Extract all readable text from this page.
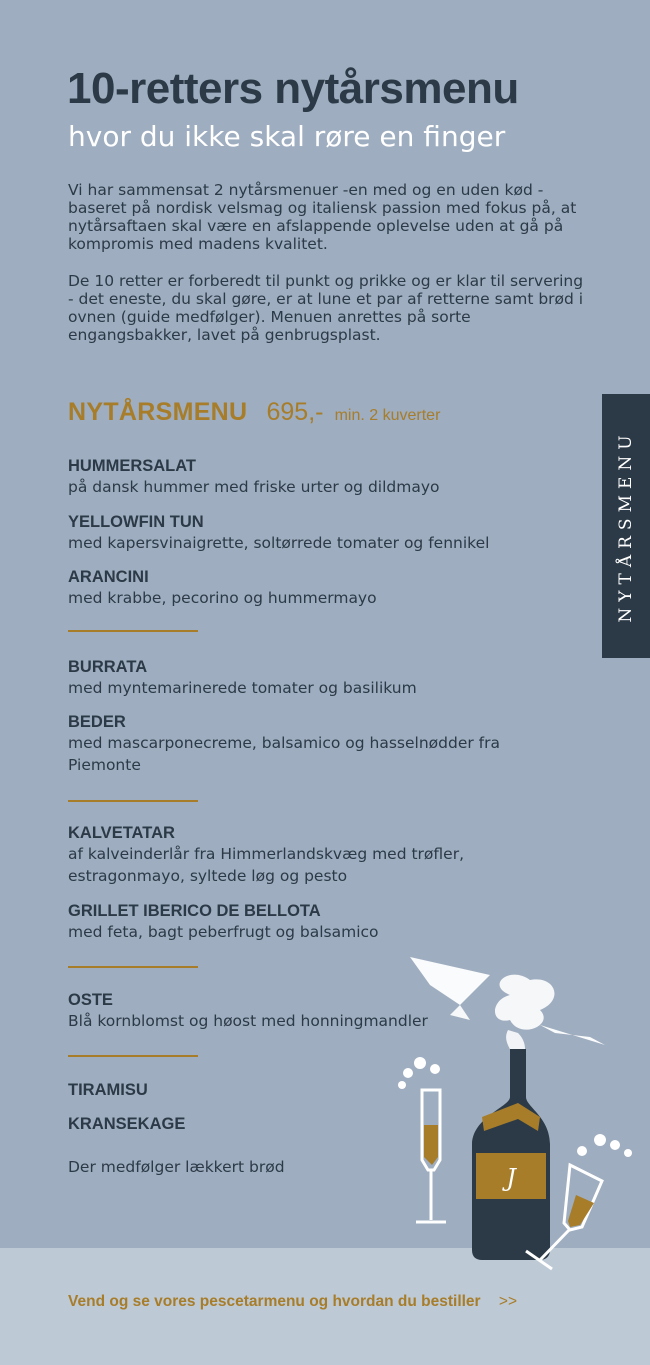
10-retters nytårsmenu
hvor du ikke skal røre en finger

Vi har sammensat 2 nytårsmenuer -en med og en uden kød -baseret på nordisk velsmag og italiensk passion med fokus på, at nytårsaftaen skal være en afslappende oplevelse uden at gå på kompromis med madens kvalitet.

De 10 retter er forberedt til punkt og prikke og er klar til servering - det eneste, du skal gøre, er at lune et par af retterne samt brød i ovnen (guide medfølger). Menuen anrettes på sorte engangsbakker, lavet på genbrugsplast.

NYTÅRSMENU 695,- min. 2 kuverter
HUMMERSALAT
på dansk hummer med friske urter og dildmayo
YELLOWFIN TUN
med kapersvinaigrette, soltørrede tomater og fennikel
ARANCINI
med krabbe, pecorino og hummermayo
BURRATA
med myntemarinerede tomater og basilikum
BEDER
med mascarponecreme, balsamico og hasselnødder fra Piemonte
KALVETATAR
af kalveinderlår fra Himmerlandskvæg med trøfler, estragonmayo, syltede løg og pesto
GRILLET IBERICO DE BELLOTA
med feta, bagt peberfrugt og balsamico
OSTE
Blå kornblomst og høost med honningmandler
TIRAMISU
KRANSEKAGE
Der medfølger lækkert brød
NYTÅRSMENU
J
Vend og se vores pescetarmenu og hvordan du bestiller >>
